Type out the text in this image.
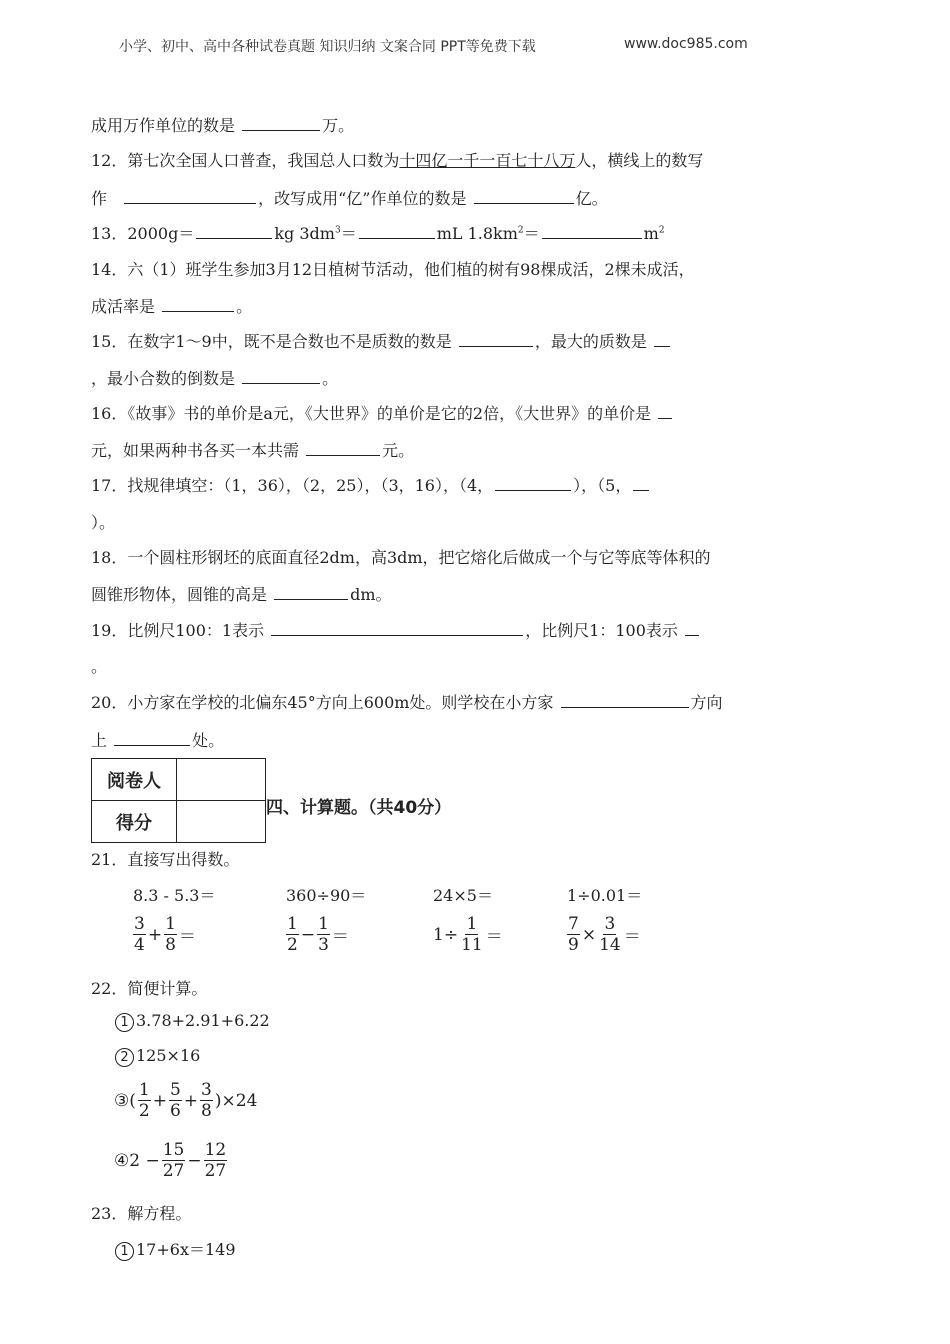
小学、初中、高中各种试卷真题 知识归纳 文案合同 PPT等免费下载	www.doc985.com
成用万作单位的数是	万。
12．第七次全国人口普查，我国总人口数为十四亿一千一百七十八万人，横线上的数写
作	，改写成用“亿”作单位的数是	亿。
13．2000g＝	kg $3dm^3=$	mL $1.8km^2=$	$m^2$
14．六（1）班学生参加3月12日植树节活动，他们植的树有98棵成活，2棵未成活，
成活率是	。
15．在数字1～9中，既不是合数也不是质数的数是	，最大的质数是
，最小合数的倒数是	。
16．《故事》书的单价是a元，《大世界》的单价是它的2倍，《大世界》的单价是
元，如果两种书各买一本共需	元。
17．找规律填空：（1，36），（2，25），（3，16），（4，	），（5，
）。
18．一个圆柱形钢坯的底面直径2dm，高3dm，把它熔化后做成一个与它等底等体积的
圆锥形物体，圆锥的高是	dm。
19．比例尺100：1表示	，比例尺1：100表示
。
20．小方家在学校的北偏东45°方向上600m处。则学校在小方家	方向
上	处。
阅卷人	
得分	
四、计算题。（共40分）
21．直接写出得数。
8.3 - 5.3＝	360÷90＝	24×5＝	1÷0.01＝
$\frac{3}{4} + \frac{1}{8}$ ＝	$\frac{1}{2} - \frac{1}{3}$ ＝	$1\div \frac{1}{11}$ ＝	$\frac{7}{9} \times \frac{3}{14}$ ＝
22．简便计算。
1 3.78+2.91+6.22
2 125×16
③ ( $\frac{1}{2} + \frac{5}{6} + \frac{3}{8} )\times 24$
④ $2 - \frac{15}{27} - \frac{12}{27}$
23．解方程。
1 17+6x＝149
